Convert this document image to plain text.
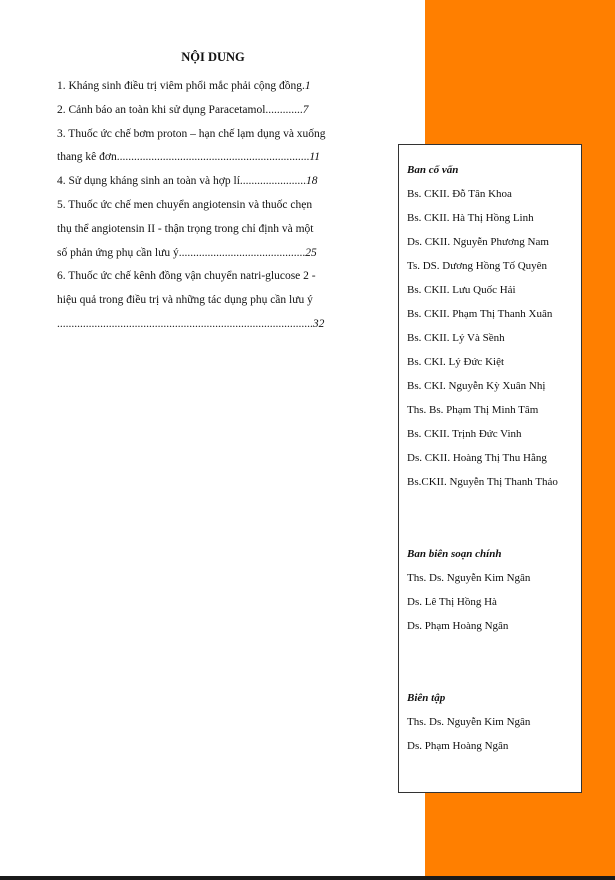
NỘI DUNG
1. Kháng sinh điều trị viêm phổi mắc phải cộng đồng.1
2. Cảnh báo an toàn khi sử dụng Paracetamol.............7
3. Thuốc ức chế bơm proton – hạn chế lạm dụng và xuống
thang kê đơn...................................................................11
4. Sử dụng kháng sinh an toàn và hợp lí.......................18
5. Thuốc ức chế men chuyển angiotensin và thuốc chẹn
thụ thể angiotensin II - thận trọng trong chỉ định và một
số phản ứng phụ cần lưu ý............................................25
6. Thuốc ức chế kênh đồng vận chuyển natri-glucose 2 -
hiệu quả trong điều trị và những tác dụng phụ cần lưu ý
.........................................................................................32
Ban cố vấn
Bs. CKII. Đỗ Tân Khoa
Bs. CKII. Hà Thị Hồng Linh
Ds. CKII. Nguyễn Phương Nam
Ts. DS. Dương Hồng Tố Quyên
Bs. CKII. Lưu Quốc Hải
Bs. CKII. Phạm Thị Thanh Xuân
Bs. CKII. Lý Và Sềnh
Bs. CKI. Lý Đức Kiệt
Bs. CKI. Nguyễn Kỳ Xuân Nhị
Ths. Bs. Phạm Thị Minh Tâm
Bs. CKII. Trịnh Đức Vinh
Ds. CKII. Hoàng Thị Thu Hằng
Bs.CKII. Nguyễn Thị Thanh Thảo
Ban biên soạn chính
Ths. Ds. Nguyễn Kim Ngân
Ds. Lê Thị Hồng Hà
Ds. Phạm Hoàng Ngân
Biên tập
Ths. Ds. Nguyễn Kim Ngân
Ds. Phạm Hoàng Ngân
